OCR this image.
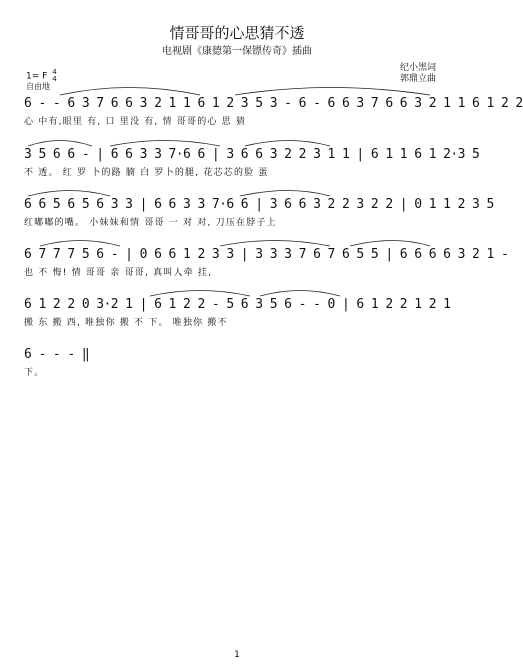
情哥哥的心思猜不透
电视剧《康德第一保镖传奇》插曲
纪小黑词
郭鼎立曲
1= F 4
4
自由地
6 - - 6 3 7 6 6 3 2 1 1 6 1 2 3 5 3 - 6 - 6 6 3 7 6 6 3 2 1 1 6 1 2 2
心 中有,眼里 有, 口 里没 有, 情 哥哥的心 思 猜
3 5 6 6 - | 6 6 3 3 7·6 6 | 3 6 6 3 2 2 3 1 1 | 6 1 1 6 1 2·3 5
不 透。 红 罗 卜的路 腩 白 罗卜的腿, 花芯芯的脸 蛋
6 6 5 6 5 6 3 3 | 6 6 3 3 7·6 6 | 3 6 6 3 2 2 3 2 2 | 0 1 1 2 3 5
红嘟嘟的嘴。 小妹妹和情 哥哥 一 对 对, 刀压在脖子上
6 7 7 7 5 6 - | 0 6 6 1 2 3 3 | 3 3 3 7 6 7 6 5 5 | 6 6 6 6 3 2 1 -
也 不 悔! 情 哥哥 亲 哥哥, 真叫人牵 挂,
6 1 2 2 0 3·2 1 | 6 1 2 2 - 5 6 3 5 6 - - 0 | 6 1 2 2 1 2 1
搬 东 搬 西, 唯独你 搬 不 下。 唯独你 搬不
6 - - - ‖
下。
1
